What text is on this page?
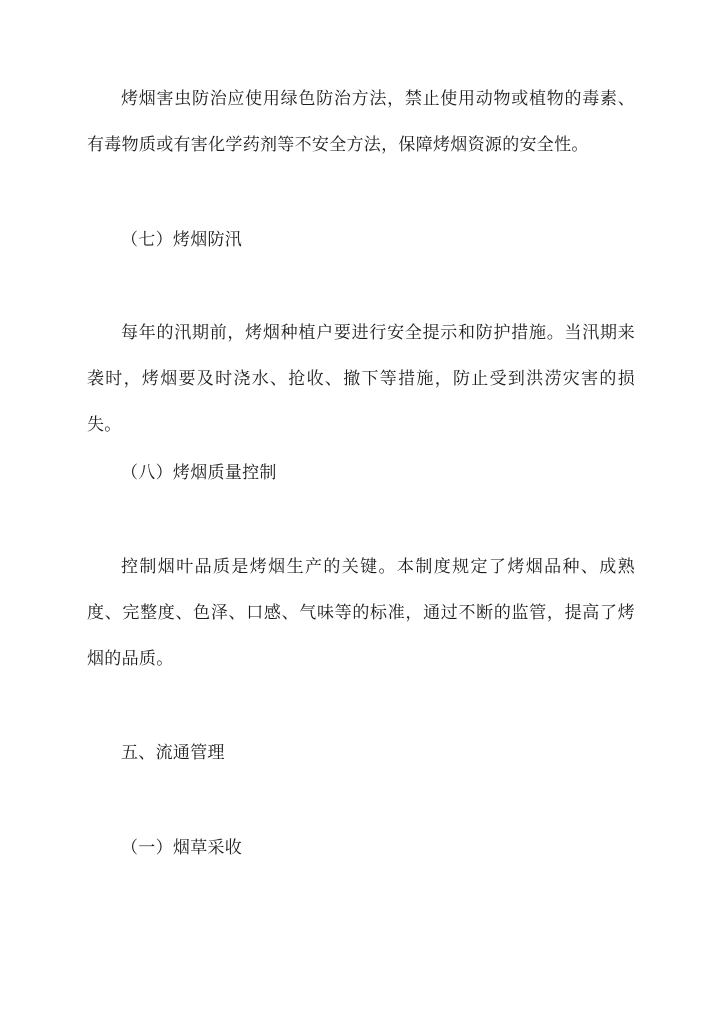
烤烟害虫防治应使用绿色防治方法，禁止使用动物或植物的毒素、有毒物质或有害化学药剂等不安全方法，保障烤烟资源的安全性。

（七）烤烟防汛

每年的汛期前，烤烟种植户要进行安全提示和防护措施。当汛期来袭时，烤烟要及时浇水、抢收、撤下等措施，防止受到洪涝灾害的损失。

（八）烤烟质量控制

控制烟叶品质是烤烟生产的关键。本制度规定了烤烟品种、成熟度、完整度、色泽、口感、气味等的标准，通过不断的监管，提高了烤烟的品质。

五、流通管理

（一）烟草采收
